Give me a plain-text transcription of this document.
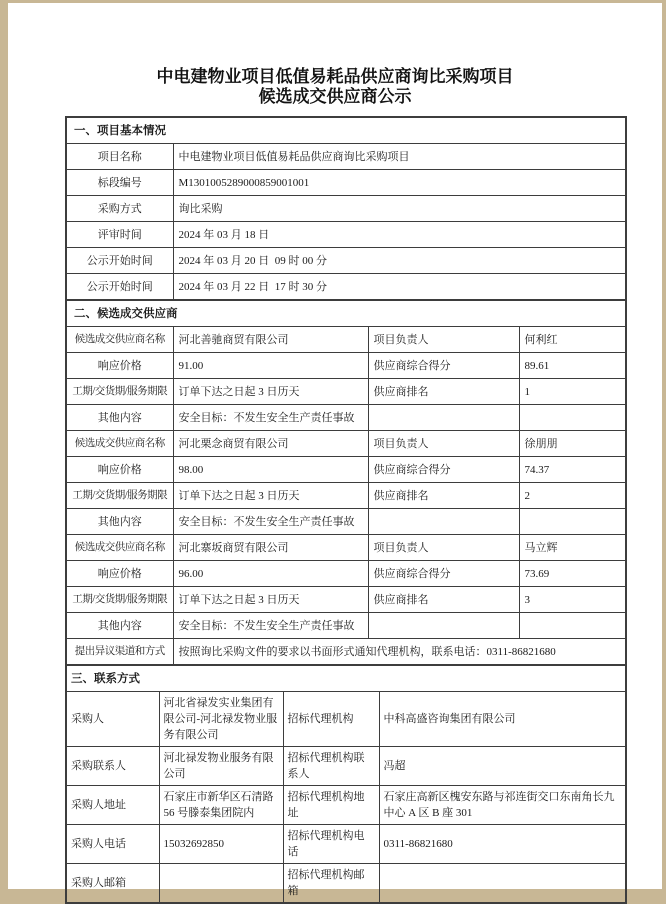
中电建物业项目低值易耗品供应商询比采购项目
候选成交供应商公示
一、项目基本情况	
项目名称	中电建物业项目低值易耗品供应商询比采购项目
标段编号	M1301005289000859001001
采购方式	询比采购
评审时间	2024 年 03 月 18 日
公示开始时间	2024 年 03 月 20 日  09 时 00 分
公示开始时间	2024 年 03 月 22 日  17 时 30 分
二、候选成交供应商			
候选成交供应商名称	河北善驰商贸有限公司	项目负责人	何利红
响应价格	91.00	供应商综合得分	89.61
工期/交货期/服务期限	订单下达之日起 3 日历天	供应商排名	1
其他内容	安全目标：不发生安全生产责任事故		
候选成交供应商名称	河北栗念商贸有限公司	项目负责人	徐朋朋
响应价格	98.00	供应商综合得分	74.37
工期/交货期/服务期限	订单下达之日起 3 日历天	供应商排名	2
其他内容	安全目标：不发生安全生产责任事故		
候选成交供应商名称	河北寨坂商贸有限公司	项目负责人	马立辉
响应价格	96.00	供应商综合得分	73.69
工期/交货期/服务期限	订单下达之日起 3 日历天	供应商排名	3
其他内容	安全目标：不发生安全生产责任事故		
提出异议渠道和方式	按照询比采购文件的要求以书面形式通知代理机构，联系电话：0311-86821680		
三、联系方式			
采购人	河北省禄发实业集团有限公司-河北禄发物业服务有限公司	招标代理机构	中科高盛咨询集团有限公司
采购联系人	河北禄发物业服务有限公司	招标代理机构联系人	冯超
采购人地址	石家庄市新华区石清路 56 号滕泰集团院内	招标代理机构地址	石家庄高新区槐安东路与祁连街交口东南角长九中心 A 区 B 座 301
采购人电话	15032692850	招标代理机构电话	0311-86821680
采购人邮箱		招标代理机构邮箱	
